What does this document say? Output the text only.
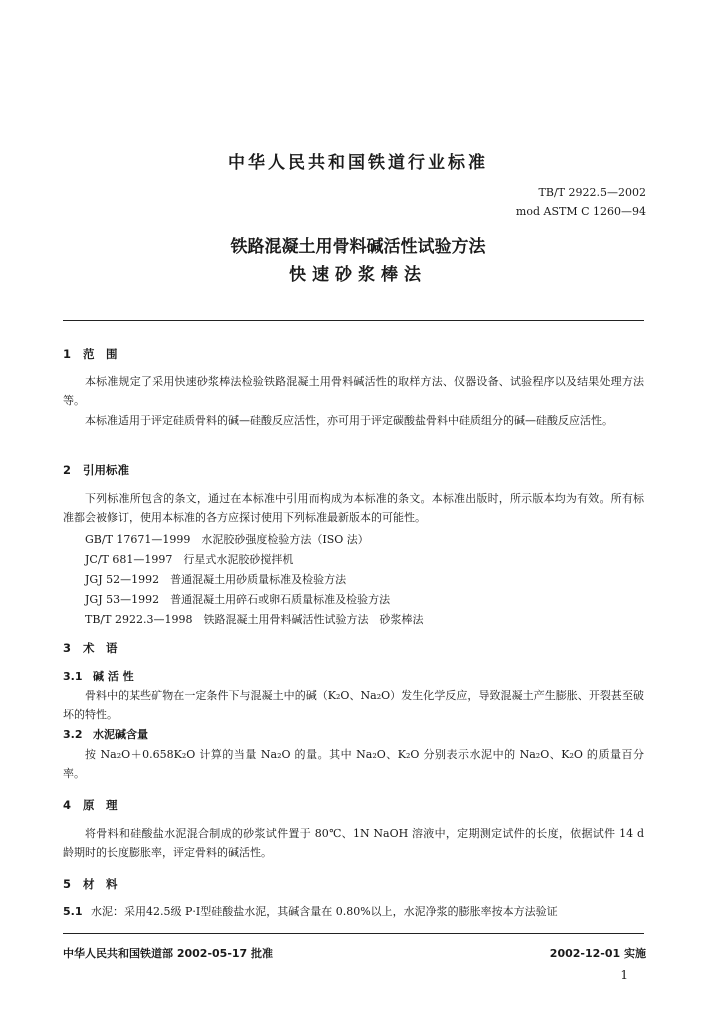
中华人民共和国铁道行业标准
TB/T 2922.5—2002
mod ASTM C 1260—94
铁路混凝土用骨料碱活性试验方法
快速砂浆棒法
1 范　围
本标准规定了采用快速砂浆棒法检验铁路混凝土用骨料碱活性的取样方法、仪器设备、试验程序以及结果处理方法等。
本标准适用于评定硅质骨料的碱—硅酸反应活性，亦可用于评定碳酸盐骨料中硅质组分的碱—硅酸反应活性。
2 引用标准
下列标准所包含的条文，通过在本标准中引用而构成为本标准的条文。本标准出版时，所示版本均为有效。所有标准都会被修订，使用本标准的各方应探讨使用下列标准最新版本的可能性。
GB/T 17671—1999　水泥胶砂强度检验方法（ISO 法）
JC/T 681—1997　行星式水泥胶砂搅拌机
JGJ 52—1992　普通混凝土用砂质量标准及检验方法
JGJ 53—1992　普通混凝土用碎石或卵石质量标准及检验方法
TB/T 2922.3—1998　铁路混凝土用骨料碱活性试验方法　砂浆棒法
3 术　语
3.1 碱 活 性
骨料中的某些矿物在一定条件下与混凝土中的碱（K₂O、Na₂O）发生化学反应，导致混凝土产生膨胀、开裂甚至破坏的特性。
3.2 水泥碱含量
按 Na₂O＋0.658K₂O 计算的当量 Na₂O 的量。其中 Na₂O、K₂O 分别表示水泥中的 Na₂O、K₂O 的质量百分率。
4 原　理
将骨料和硅酸盐水泥混合制成的砂浆试件置于 80℃、1N NaOH 溶液中，定期测定试件的长度，依据试件 14 d 龄期时的长度膨胀率，评定骨料的碱活性。
5 材　料
5.1 水泥：采用42.5级 P·Ⅰ型硅酸盐水泥，其碱含量在 0.80%以上，水泥净浆的膨胀率按本方法验证
中华人民共和国铁道部 2002-05-17 批准	2002-12-01 实施
1
